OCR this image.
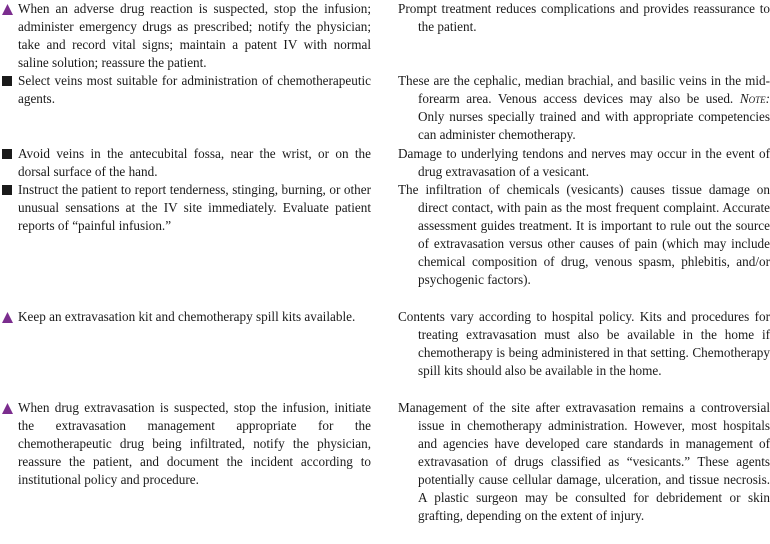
When an adverse drug reaction is suspected, stop the infusion; administer emergency drugs as prescribed; notify the physician; take and record vital signs; maintain a patent IV with normal saline solution; reassure the patient.
Prompt treatment reduces complications and provides reassurance to the patient.
Select veins most suitable for administration of chemotherapeutic agents.
These are the cephalic, median brachial, and basilic veins in the mid-forearm area. Venous access devices may also be used. Note: Only nurses specially trained and with appropriate competencies can administer chemotherapy.
Avoid veins in the antecubital fossa, near the wrist, or on the dorsal surface of the hand.
Damage to underlying tendons and nerves may occur in the event of drug extravasation of a vesicant.
Instruct the patient to report tenderness, stinging, burning, or other unusual sensations at the IV site immediately. Evaluate patient reports of “painful infusion.”
The infiltration of chemicals (vesicants) causes tissue damage on direct contact, with pain as the most frequent complaint. Accurate assessment guides treatment. It is important to rule out the source of extravasation versus other causes of pain (which may include chemical composition of drug, venous spasm, phlebitis, and/or psychogenic factors).
Keep an extravasation kit and chemotherapy spill kits available.	Contents vary according to hospital policy. Kits and procedures for treating extravasation must also be available in the home if chemotherapy is being administered in that setting. Chemotherapy spill kits should also be available in the home.
When drug extravasation is suspected, stop the infusion, initiate the extravasation management appropriate for the chemotherapeutic drug being infiltrated, notify the physician, reassure the patient, and document the incident according to institutional policy and procedure.
Management of the site after extravasation remains a controversial issue in chemotherapy administration. However, most hospitals and agencies have developed care standards in management of extravasation of drugs classified as “vesicants.” These agents potentially cause cellular damage, ulceration, and tissue necrosis. A plastic surgeon may be consulted for debridement or skin grafting, depending on the extent of injury.
